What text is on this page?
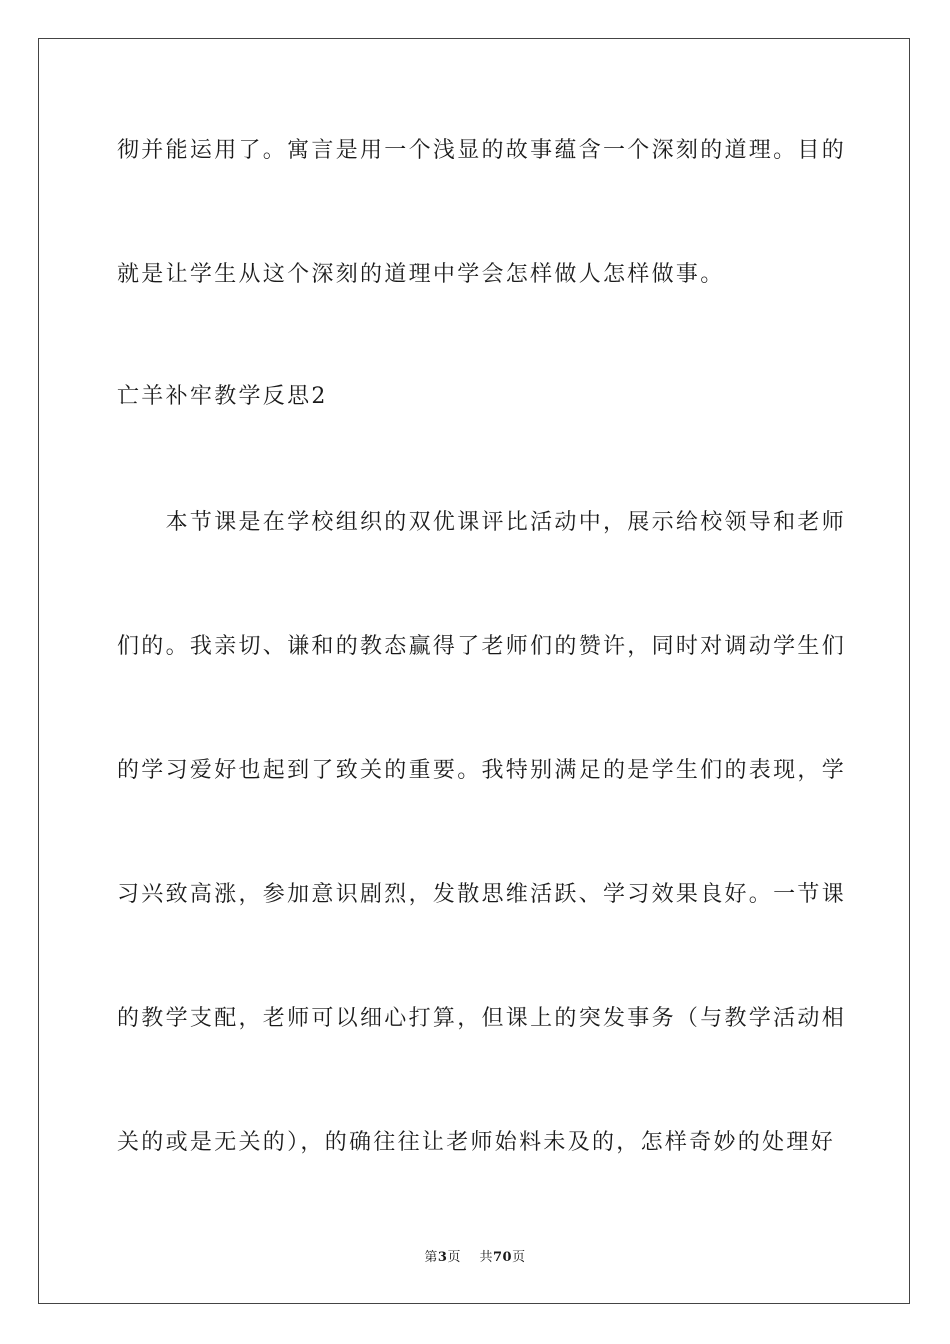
彻并能运用了。寓言是用一个浅显的故事蕴含一个深刻的道理。目的
就是让学生从这个深刻的道理中学会怎样做人怎样做事。
亡羊补牢教学反思2
　　本节课是在学校组织的双优课评比活动中，展示给校领导和老师
们的。我亲切、谦和的教态赢得了老师们的赞许，同时对调动学生们
的学习爱好也起到了致关的重要。我特别满足的是学生们的表现，学
习兴致高涨，参加意识剧烈，发散思维活跃、学习效果良好。一节课
的教学支配，老师可以细心打算，但课上的突发事务（与教学活动相
关的或是无关的），的确往往让老师始料未及的，怎样奇妙的处理好
第3页 共70页
